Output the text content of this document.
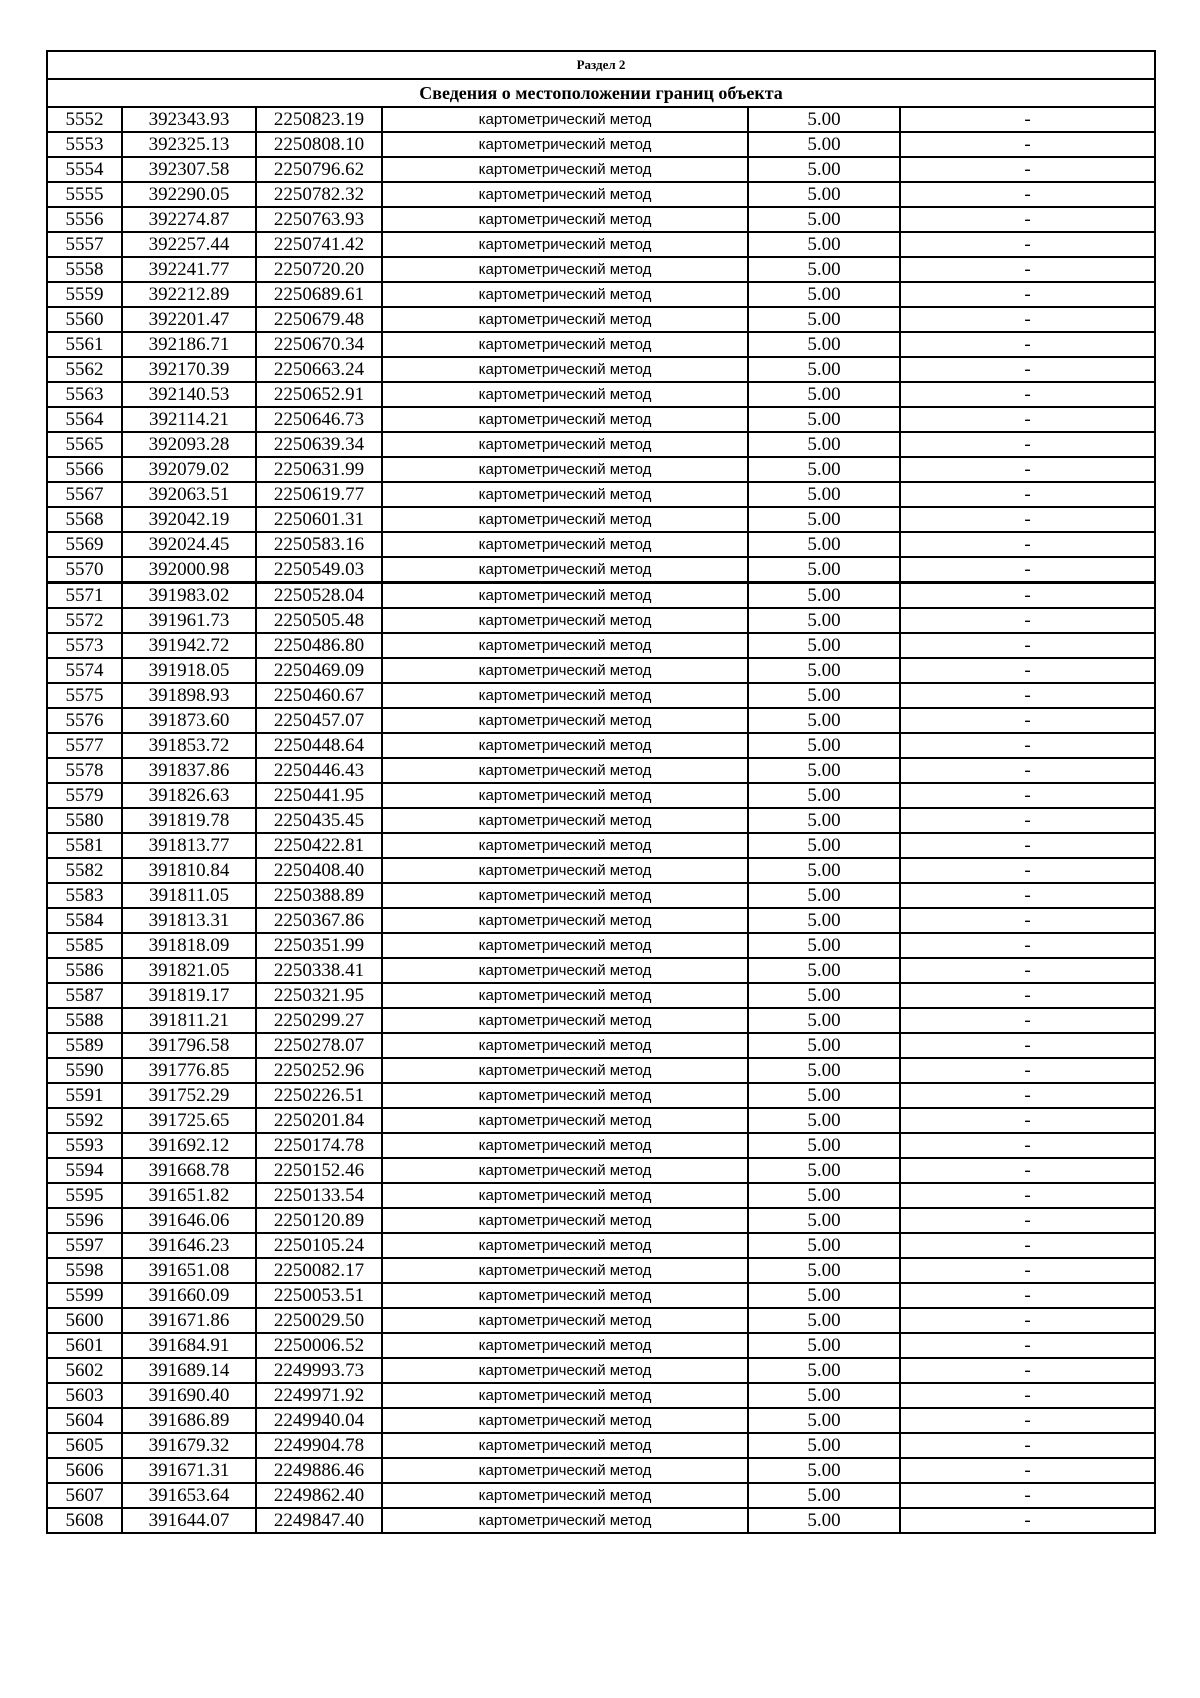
Раздел 2					
Сведения о местоположении границ объекта					
5552	392343.93	2250823.19	картометрический метод	5.00	-
5553	392325.13	2250808.10	картометрический метод	5.00	-
5554	392307.58	2250796.62	картометрический метод	5.00	-
5555	392290.05	2250782.32	картометрический метод	5.00	-
5556	392274.87	2250763.93	картометрический метод	5.00	-
5557	392257.44	2250741.42	картометрический метод	5.00	-
5558	392241.77	2250720.20	картометрический метод	5.00	-
5559	392212.89	2250689.61	картометрический метод	5.00	-
5560	392201.47	2250679.48	картометрический метод	5.00	-
5561	392186.71	2250670.34	картометрический метод	5.00	-
5562	392170.39	2250663.24	картометрический метод	5.00	-
5563	392140.53	2250652.91	картометрический метод	5.00	-
5564	392114.21	2250646.73	картометрический метод	5.00	-
5565	392093.28	2250639.34	картометрический метод	5.00	-
5566	392079.02	2250631.99	картометрический метод	5.00	-
5567	392063.51	2250619.77	картометрический метод	5.00	-
5568	392042.19	2250601.31	картометрический метод	5.00	-
5569	392024.45	2250583.16	картометрический метод	5.00	-
5570	392000.98	2250549.03	картометрический метод	5.00	-
5571	391983.02	2250528.04	картометрический метод	5.00	-
5572	391961.73	2250505.48	картометрический метод	5.00	-
5573	391942.72	2250486.80	картометрический метод	5.00	-
5574	391918.05	2250469.09	картометрический метод	5.00	-
5575	391898.93	2250460.67	картометрический метод	5.00	-
5576	391873.60	2250457.07	картометрический метод	5.00	-
5577	391853.72	2250448.64	картометрический метод	5.00	-
5578	391837.86	2250446.43	картометрический метод	5.00	-
5579	391826.63	2250441.95	картометрический метод	5.00	-
5580	391819.78	2250435.45	картометрический метод	5.00	-
5581	391813.77	2250422.81	картометрический метод	5.00	-
5582	391810.84	2250408.40	картометрический метод	5.00	-
5583	391811.05	2250388.89	картометрический метод	5.00	-
5584	391813.31	2250367.86	картометрический метод	5.00	-
5585	391818.09	2250351.99	картометрический метод	5.00	-
5586	391821.05	2250338.41	картометрический метод	5.00	-
5587	391819.17	2250321.95	картометрический метод	5.00	-
5588	391811.21	2250299.27	картометрический метод	5.00	-
5589	391796.58	2250278.07	картометрический метод	5.00	-
5590	391776.85	2250252.96	картометрический метод	5.00	-
5591	391752.29	2250226.51	картометрический метод	5.00	-
5592	391725.65	2250201.84	картометрический метод	5.00	-
5593	391692.12	2250174.78	картометрический метод	5.00	-
5594	391668.78	2250152.46	картометрический метод	5.00	-
5595	391651.82	2250133.54	картометрический метод	5.00	-
5596	391646.06	2250120.89	картометрический метод	5.00	-
5597	391646.23	2250105.24	картометрический метод	5.00	-
5598	391651.08	2250082.17	картометрический метод	5.00	-
5599	391660.09	2250053.51	картометрический метод	5.00	-
5600	391671.86	2250029.50	картометрический метод	5.00	-
5601	391684.91	2250006.52	картометрический метод	5.00	-
5602	391689.14	2249993.73	картометрический метод	5.00	-
5603	391690.40	2249971.92	картометрический метод	5.00	-
5604	391686.89	2249940.04	картометрический метод	5.00	-
5605	391679.32	2249904.78	картометрический метод	5.00	-
5606	391671.31	2249886.46	картометрический метод	5.00	-
5607	391653.64	2249862.40	картометрический метод	5.00	-
5608	391644.07	2249847.40	картометрический метод	5.00	-
